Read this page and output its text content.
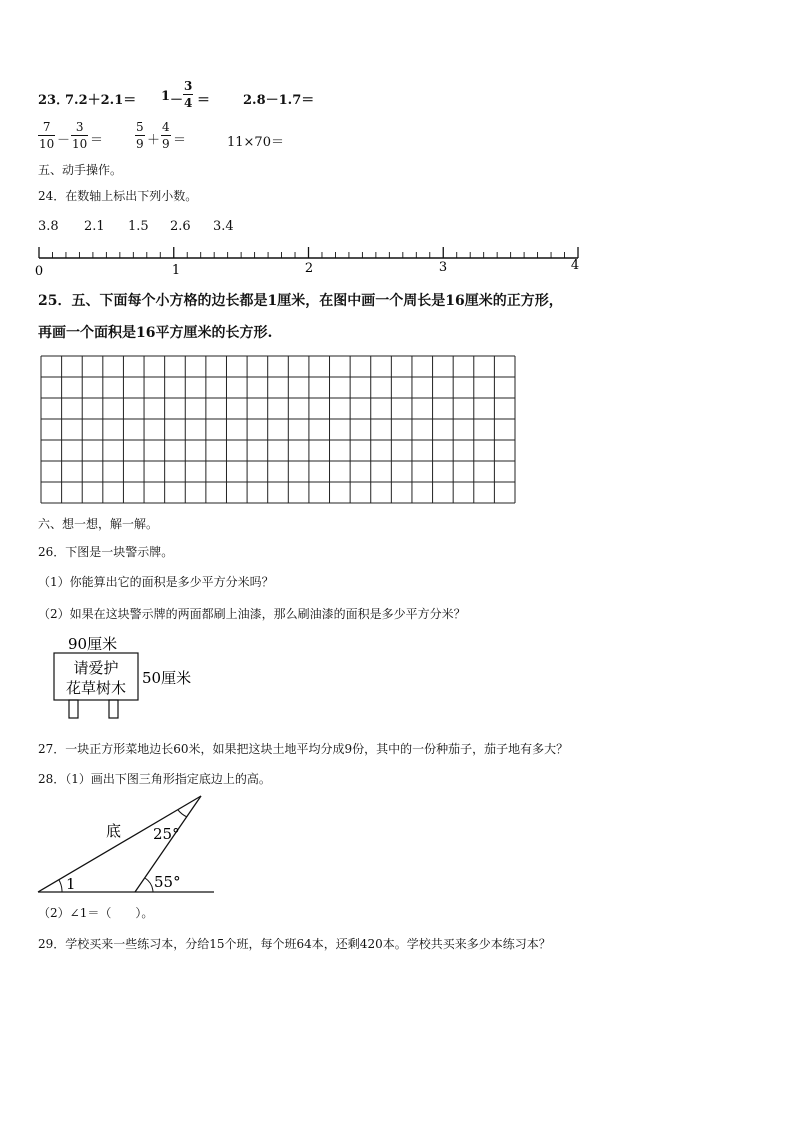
23．
7.2＋2.1＝ 1 －
3
4 ＝	2.8－1.7＝
7
10 －
3
10 ＝
5
9 ＋
4
9 ＝	11×70＝
五、动手操作。
24．在数轴上标出下列小数。
3.8 2.1 1.5 2.6 3.4
0	1	2	3	4
25．五、下面每个小方格的边长都是1厘米，在图中画一个周长是16厘米的正方形，
再画一个面积是16平方厘米的长方形.
六、想一想，解一解。
26．下图是一块警示牌。
（1）你能算出它的面积是多少平方分米吗？
（2）如果在这块警示牌的两面都刷上油漆，那么刷油漆的面积是多少平方分米？
90厘米
请爱护
花草树木
50厘米
27．一块正方形菜地边长60米，如果把这块土地平均分成9份，其中的一份种茄子，茄子地有多大？
28．（1）画出下图三角形指定底边上的高。
底 25°
55°
1
（2）∠1＝（　　）。
29．学校买来一些练习本，分给15个班，每个班64本，还剩420本。学校共买来多少本练习本？
